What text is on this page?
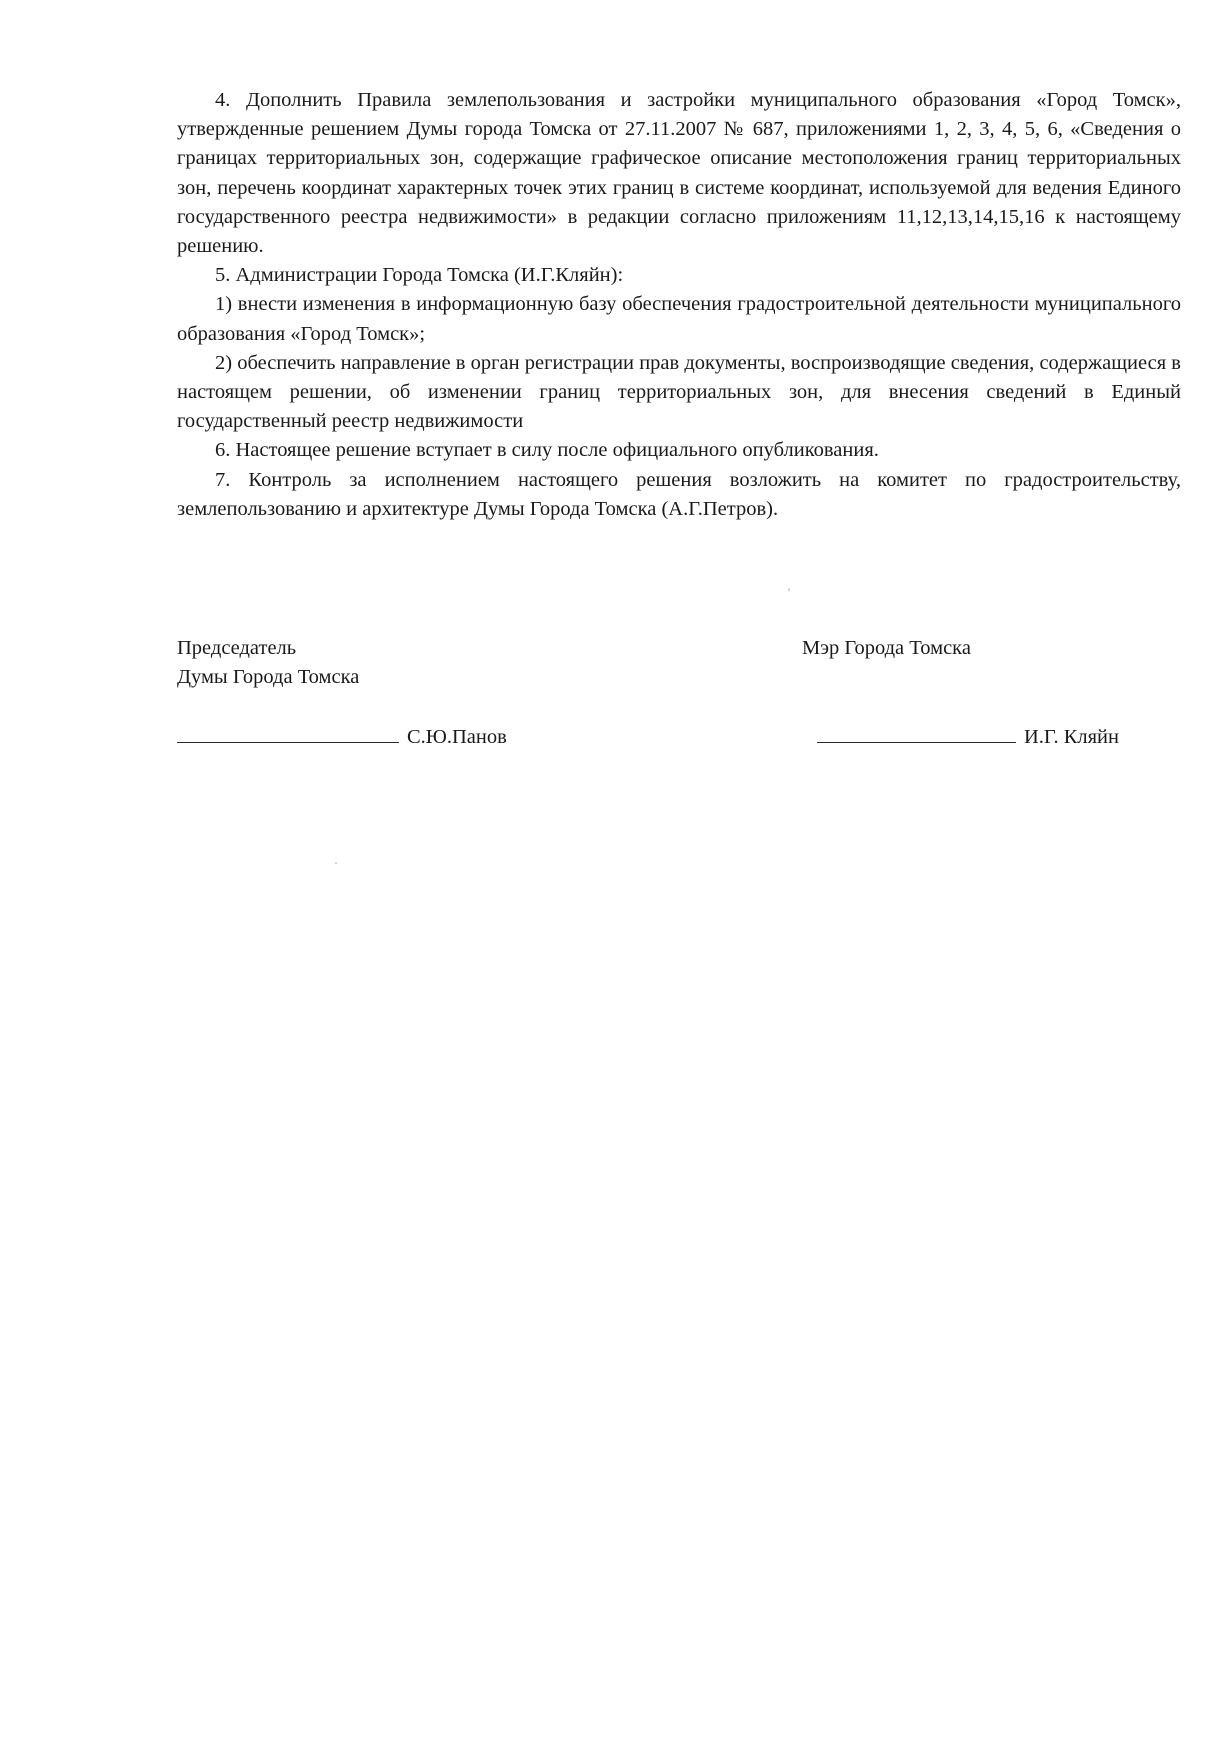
4. Дополнить Правила землепользования и застройки муниципального образования «Город Томск», утвержденные решением Думы города Томска от 27.11.2007 № 687, приложениями 1, 2, 3, 4, 5, 6, «Сведения о границах территориальных зон, содержащие графическое описание местоположения границ территориальных зон, перечень координат характерных точек этих границ в системе координат, используемой для ведения Единого государственного реестра недвижимости» в редакции согласно приложениям 11,12,13,14,15,16 к настоящему решению.

5. Администрации Города Томска (И.Г.Кляйн):

1) внести изменения в информационную базу обеспечения градостроительной деятельности муниципального образования «Город Томск»;

2) обеспечить направление в орган регистрации прав документы, воспроизводящие сведения, содержащиеся в настоящем решении, об изменении границ территориальных зон, для внесения сведений в Единый государственный реестр недвижимости

6. Настоящее решение вступает в силу после официального опубликования.

7. Контроль за исполнением настоящего решения возложить на комитет по градостроительству, землепользованию и архитектуре Думы Города Томска (А.Г.Петров).

Председатель
Думы Города Томска
Мэр Города Томска
С.Ю.Панов	И.Г. Кляйн
